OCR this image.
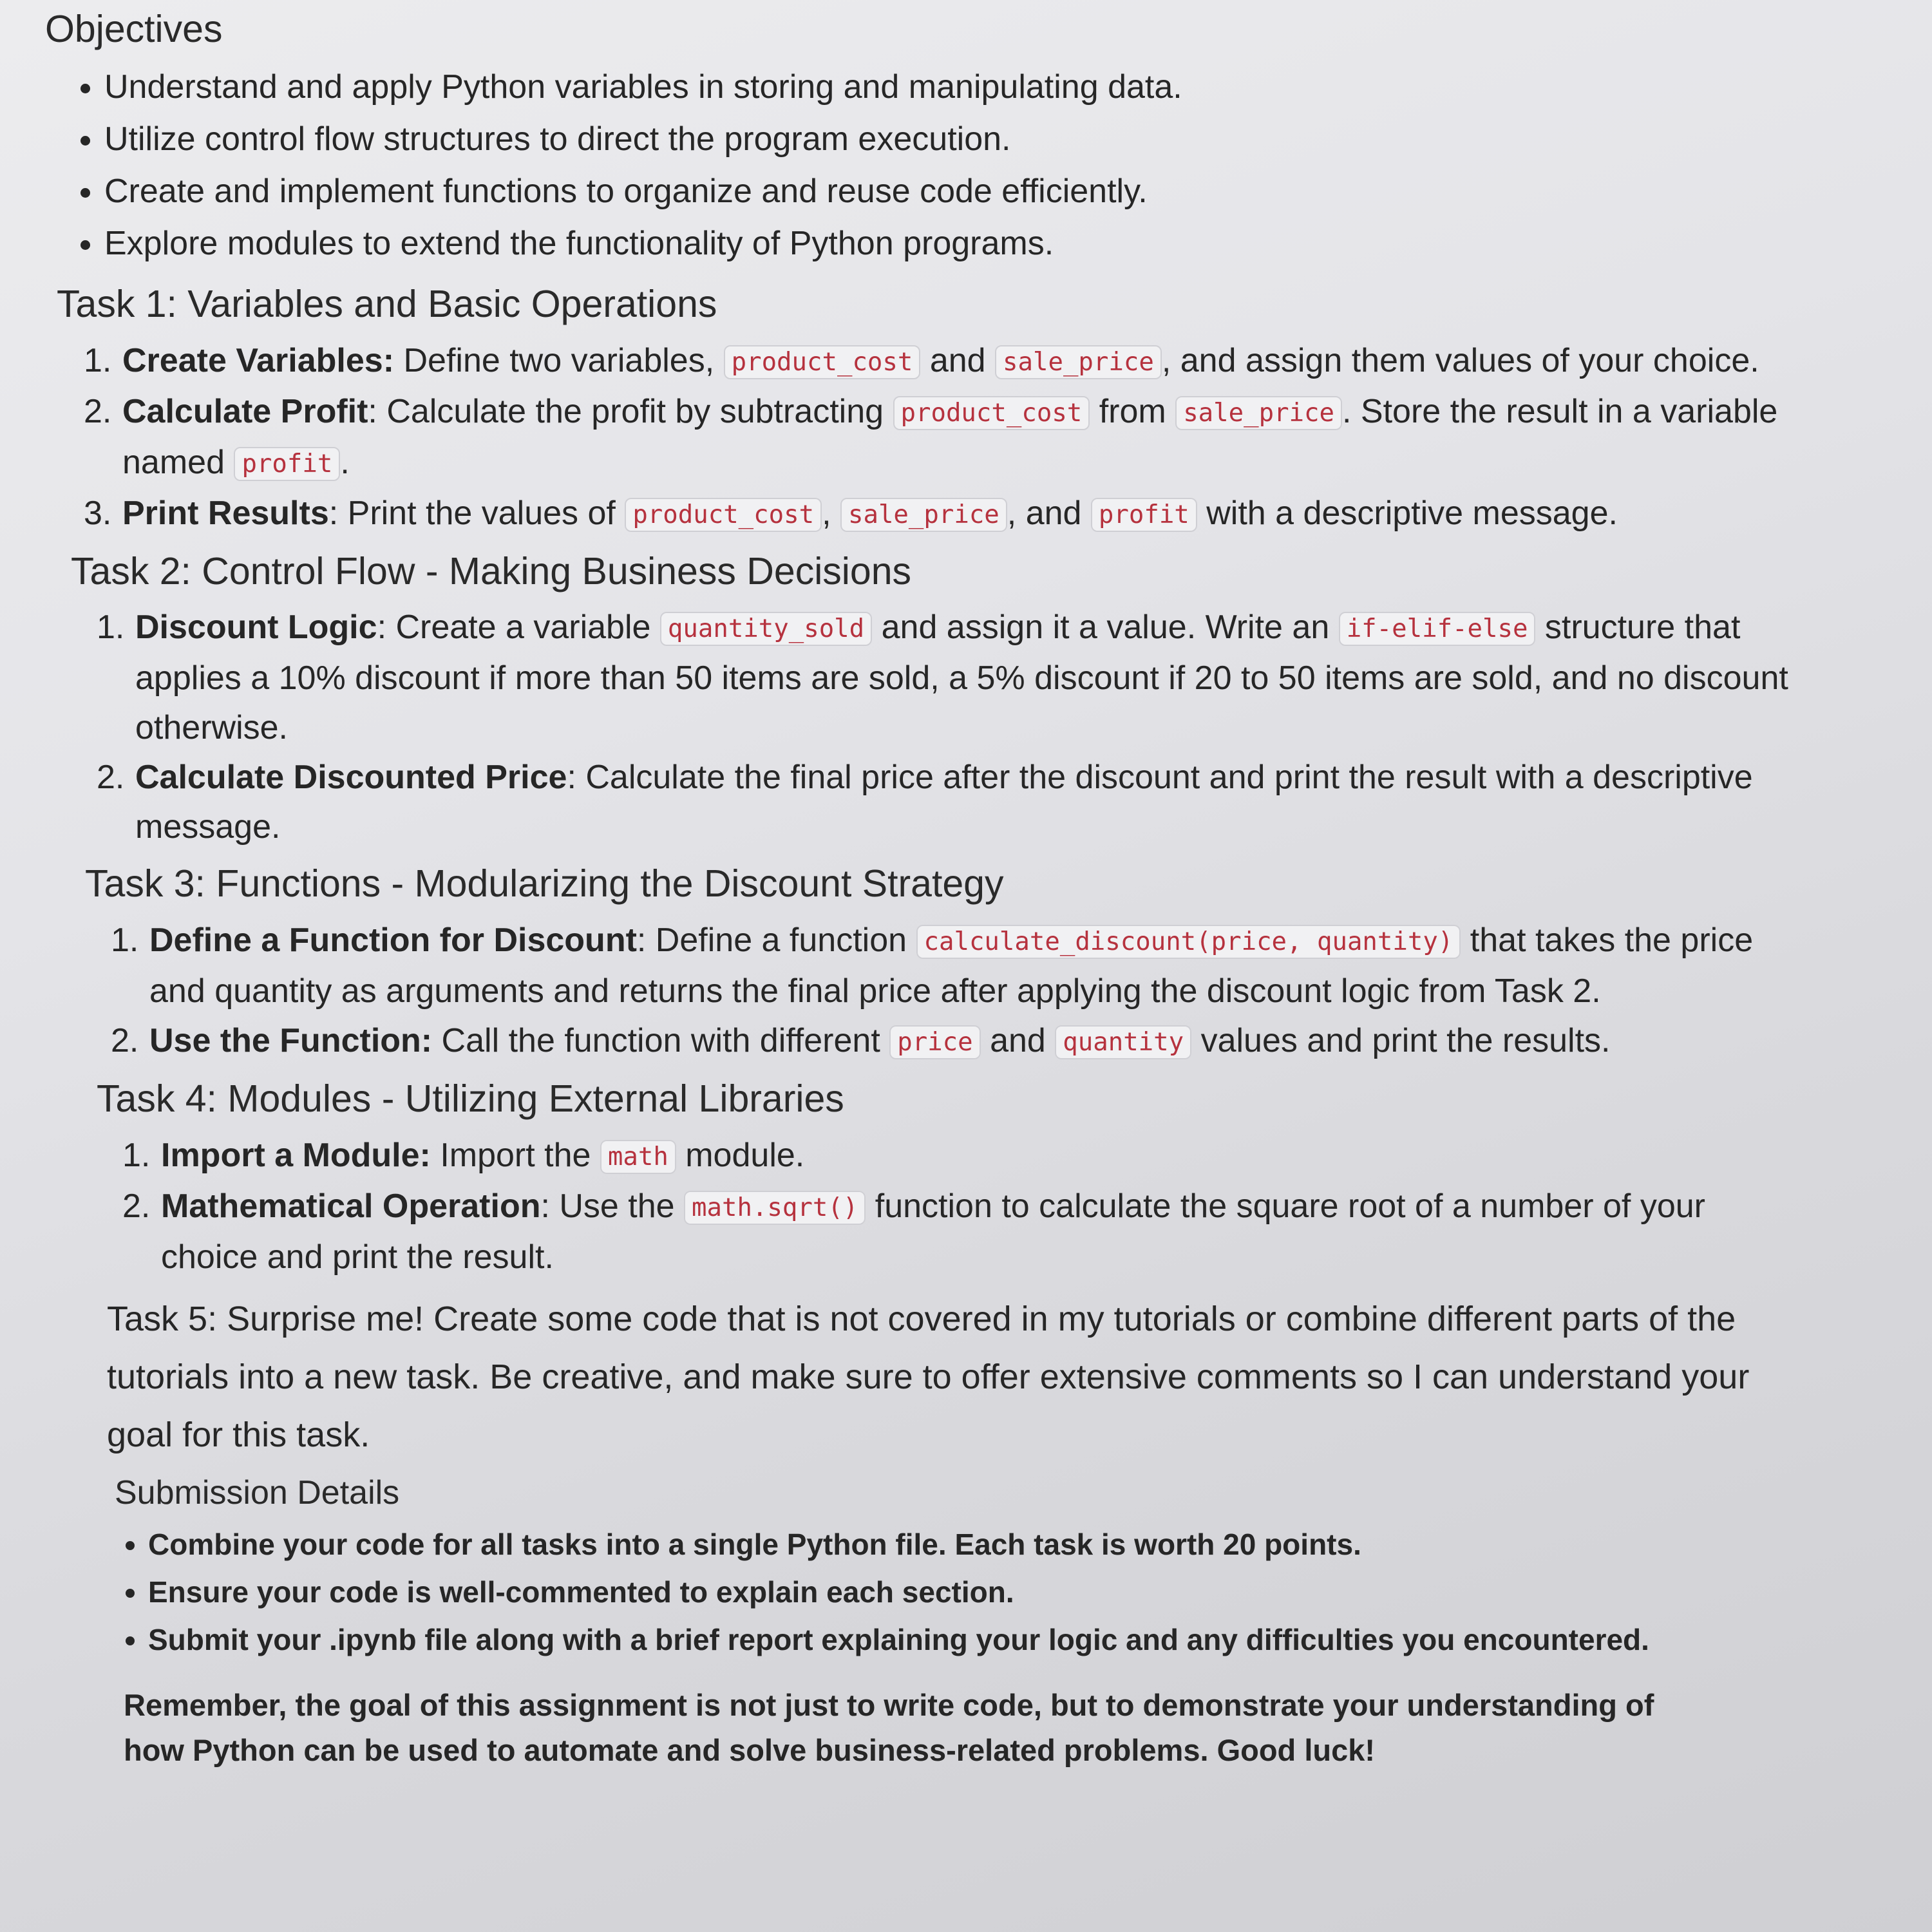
Objectives
• Understand and apply Python variables in storing and manipulating data.
• Utilize control flow structures to direct the program execution.
• Create and implement functions to organize and reuse code efficiently.
• Explore modules to extend the functionality of Python programs.
Task 1: Variables and Basic Operations
1. Create Variables: Define two variables, product_cost and sale_price , and assign them values of your choice.
2. Calculate Profit: Calculate the profit by subtracting product_cost from sale_price . Store the result in a variable named profit .
3. Print Results: Print the values of product_cost , sale_price , and profit with a descriptive message.
Task 2: Control Flow - Making Business Decisions
1. Discount Logic: Create a variable quantity_sold and assign it a value. Write an if-elif-else structure that applies a 10% discount if more than 50 items are sold, a 5% discount if 20 to 50 items are sold, and no discount otherwise.
2. Calculate Discounted Price: Calculate the final price after the discount and print the result with a descriptive message.
Task 3: Functions - Modularizing the Discount Strategy
1. Define a Function for Discount: Define a function calculate_discount(price, quantity) that takes the price and quantity as arguments and returns the final price after applying the discount logic from Task 2.
2. Use the Function: Call the function with different price and quantity values and print the results.
Task 4: Modules - Utilizing External Libraries
1. Import a Module: Import the math module.
2. Mathematical Operation: Use the math.sqrt() function to calculate the square root of a number of your choice and print the result.

Task 5: Surprise me! Create some code that is not covered in my tutorials or combine different parts of the tutorials into a new task. Be creative, and make sure to offer extensive comments so I can understand your goal for this task.

Submission Details
• Combine your code for all tasks into a single Python file. Each task is worth 20 points.
• Ensure your code is well-commented to explain each section.
• Submit your .ipynb file along with a brief report explaining your logic and any difficulties you encountered.

Remember, the goal of this assignment is not just to write code, but to demonstrate your understanding of how Python can be used to automate and solve business-related problems. Good luck!
